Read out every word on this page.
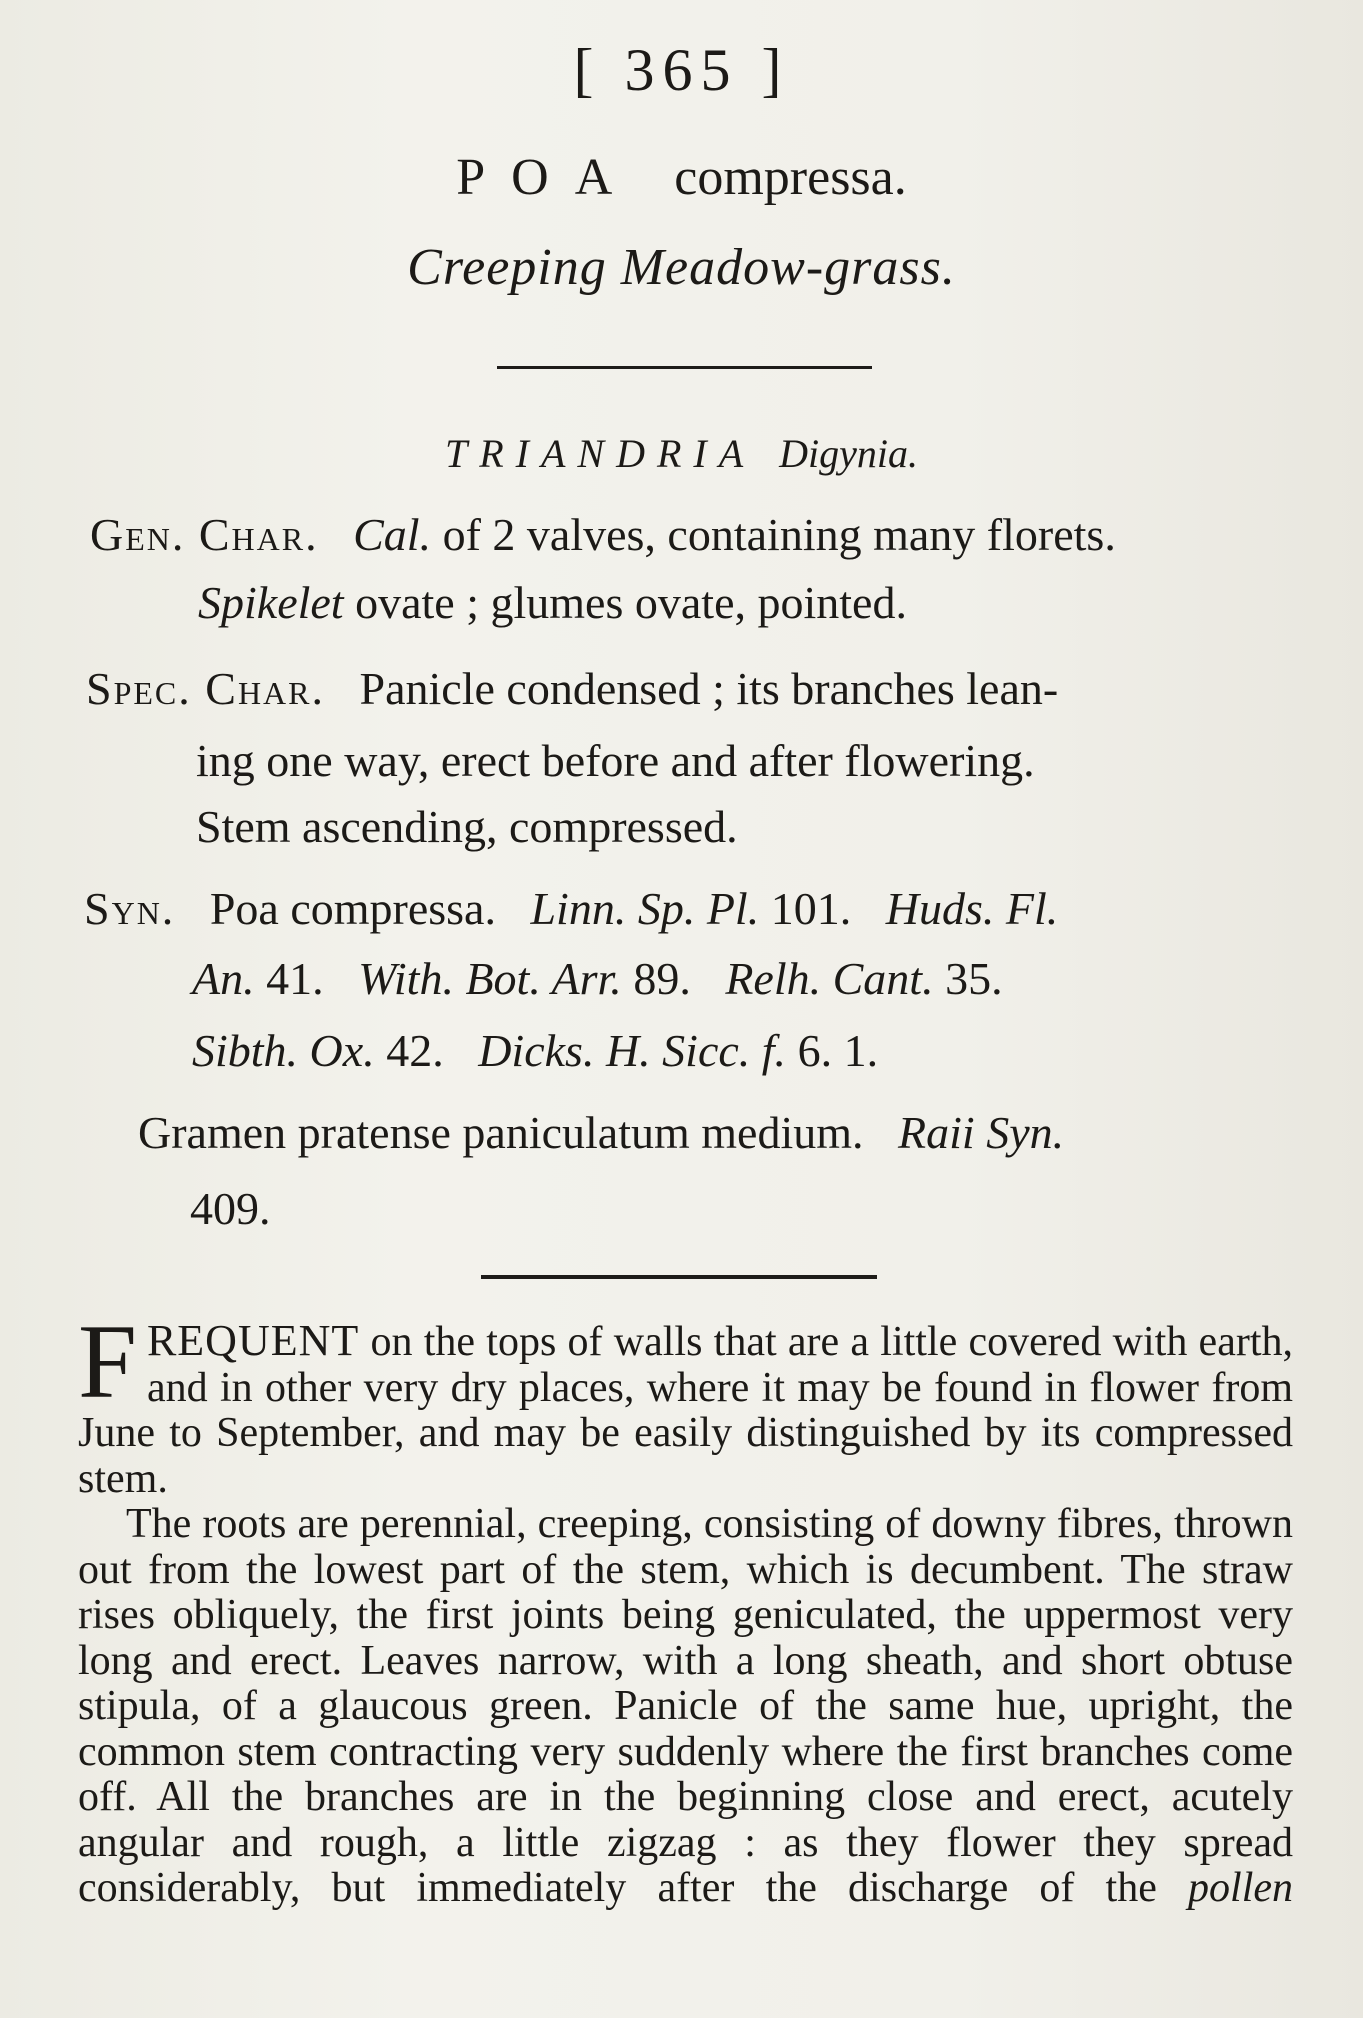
[ 365 ]
POA compressa.
Creeping Meadow-grass.
TRIANDRIA Digynia.
Gen. Char. Cal. of 2 valves, containing many florets.
Spikelet ovate ; glumes ovate, pointed.
Spec. Char. Panicle condensed ; its branches lean-
ing one way, erect before and after flowering.
Stem ascending, compressed.
Syn. Poa compressa. Linn. Sp. Pl. 101. Huds. Fl.
An. 41. With. Bot. Arr. 89. Relh. Cant. 35.
Sibth. Ox. 42. Dicks. H. Sicc. f. 6. 1.
Gramen pratense paniculatum medium. Raii Syn.
409.

FREQUENT on the tops of walls that are a little covered with earth, and in other very dry places, where it may be found in flower from June to September, and may be easily distinguished by its compressed stem.

The roots are perennial, creeping, consisting of downy fibres, thrown out from the lowest part of the stem, which is decumbent. The straw rises obliquely, the first joints being geniculated, the uppermost very long and erect. Leaves narrow, with a long sheath, and short obtuse stipula, of a glaucous green. Panicle of the same hue, upright, the common stem contracting very suddenly where the first branches come off. All the branches are in the beginning close and erect, acutely angular and rough, a little zigzag : as they flower they spread considerably, but immediately after the discharge of the pollen
